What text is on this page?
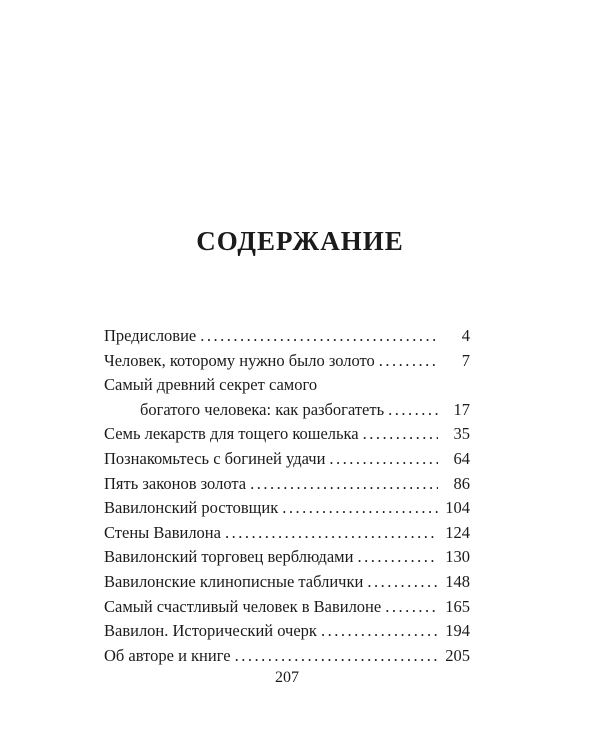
СОДЕРЖАНИЕ
Предисловие .....	4
Человек, которому нужно было золото .....	7
Самый древний секрет самого
богатого человека: как разбогатеть .....	17
Семь лекарств для тощего кошелька .....	35
Познакомьтесь с богиней удачи .....	64
Пять законов золота .....	86
Вавилонский ростовщик .....	104
Стены Вавилона .....	124
Вавилонский торговец верблюдами .....	130
Вавилонские клинописные таблички .....	148
Самый счастливый человек в Вавилоне .....	165
Вавилон. Исторический очерк .....	194
Об авторе и книге .....	205
207
